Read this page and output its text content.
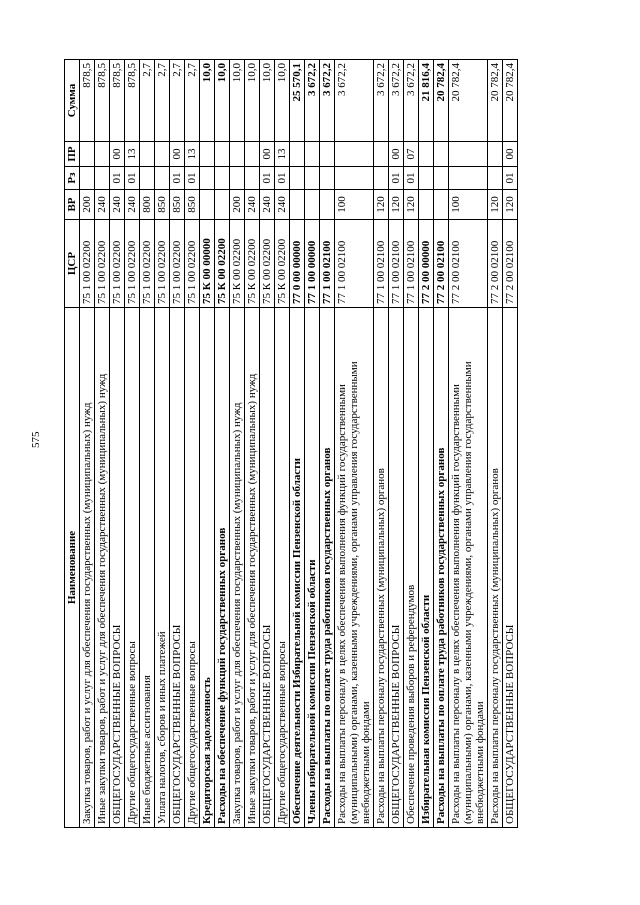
575
Наименование	ЦСР	ВР	Рз	ПР	Сумма
Закупка товаров, работ и услуг для обеспечения государственных (муниципальных) нужд	75 1 00 02200	200			878,5
Иные закупки товаров, работ и услуг для обеспечения государственных (муниципальных) нужд	75 1 00 02200	240			878,5
ОБЩЕГОСУДАРСТВЕННЫЕ ВОПРОСЫ	75 1 00 02200	240	01	00	878,5
Другие общегосударственные вопросы	75 1 00 02200	240	01	13	878,5
Иные бюджетные ассигнования	75 1 00 02200	800			2,7
Уплата налогов, сборов и иных платежей	75 1 00 02200	850			2,7
ОБЩЕГОСУДАРСТВЕННЫЕ ВОПРОСЫ	75 1 00 02200	850	01	00	2,7
Другие общегосударственные вопросы	75 1 00 02200	850	01	13	2,7
Кредиторская задолженность	75 К 00 00000				10,0
Расходы на обеспечение функций государственных органов	75 К 00 02200				10,0
Закупка товаров, работ и услуг для обеспечения государственных (муниципальных) нужд	75 К 00 02200	200			10,0
Иные закупки товаров, работ и услуг для обеспечения государственных (муниципальных) нужд	75 К 00 02200	240			10,0
ОБЩЕГОСУДАРСТВЕННЫЕ ВОПРОСЫ	75 К 00 02200	240	01	00	10,0
Другие общегосударственные вопросы	75 К 00 02200	240	01	13	10,0
Обеспечение деятельности Избирательной комиссии Пензенской области	77 0 00 00000				25 570,1
Члены избирательной комиссии Пензенской области	77 1 00 00000				3 672,2
Расходы на выплаты по оплате труда работников государственных органов	77 1 00 02100				3 672,2
Расходы на выплаты персоналу в целях обеспечения выполнения функций государственными (муниципальными) органами, казенными учреждениями, органами управления государственными внебюджетными фондами	77 1 00 02100	100			3 672,2
Расходы на выплаты персоналу государственных (муниципальных) органов	77 1 00 02100	120			3 672,2
ОБЩЕГОСУДАРСТВЕННЫЕ ВОПРОСЫ	77 1 00 02100	120	01	00	3 672,2
Обеспечение проведения выборов и референдумов	77 1 00 02100	120	01	07	3 672,2
Избирательная комиссия Пензенской области	77 2 00 00000				21 816,4
Расходы на выплаты по оплате труда работников государственных органов	77 2 00 02100				20 782,4
Расходы на выплаты персоналу в целях обеспечения выполнения функций государственными (муниципальными) органами, казенными учреждениями, органами управления государственными внебюджетными фондами	77 2 00 02100	100			20 782,4
Расходы на выплаты персоналу государственных (муниципальных) органов	77 2 00 02100	120			20 782,4
ОБЩЕГОСУДАРСТВЕННЫЕ ВОПРОСЫ	77 2 00 02100	120	01	00	20 782,4
